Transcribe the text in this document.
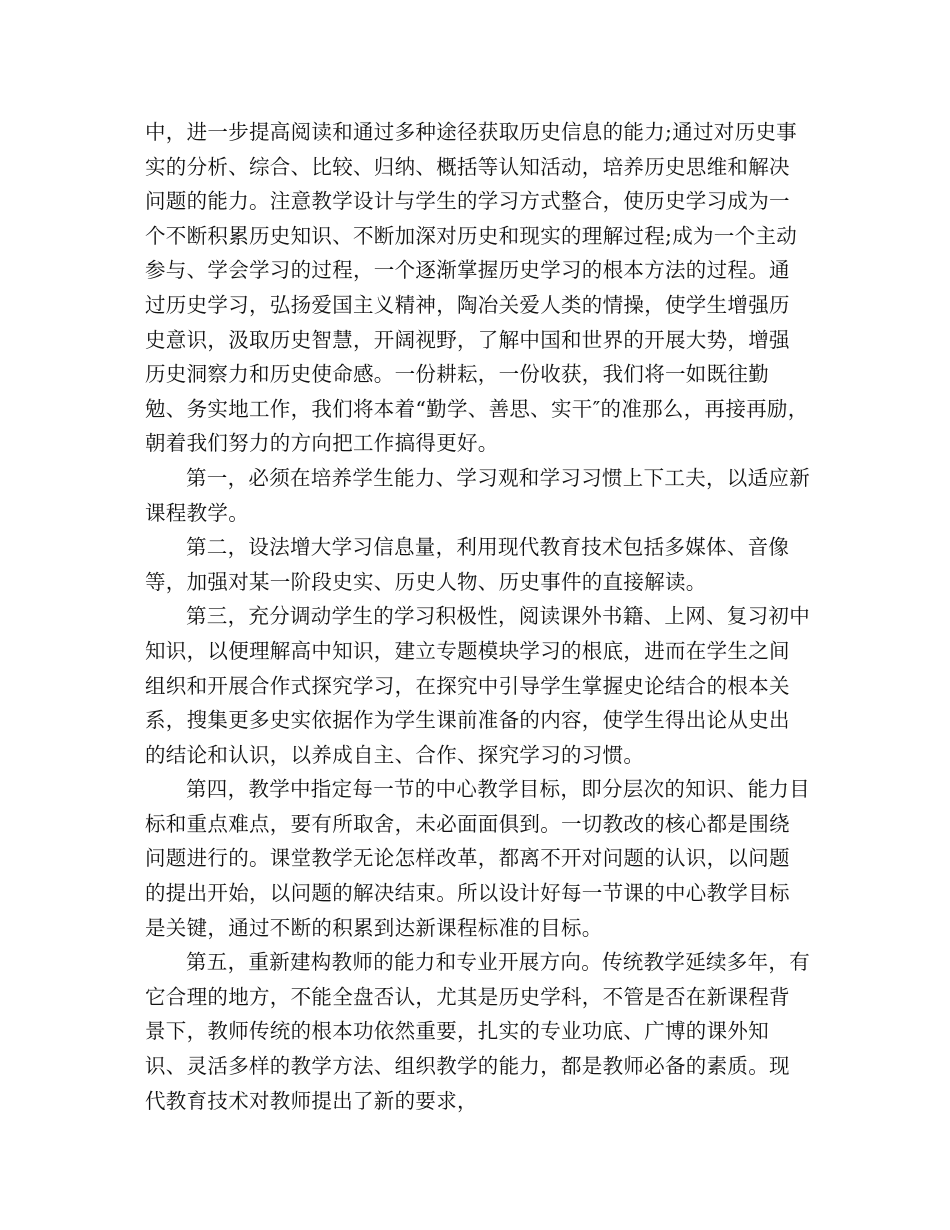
中，进一步提高阅读和通过多种途径获取历史信息的能力;通过对历史事实的分析、综合、比较、归纳、概括等认知活动，培养历史思维和解决问题的能力。注意教学设计与学生的学习方式整合，使历史学习成为一个不断积累历史知识、不断加深对历史和现实的理解过程;成为一个主动参与、学会学习的过程，一个逐渐掌握历史学习的根本方法的过程。通过历史学习，弘扬爱国主义精神，陶冶关爱人类的情操，使学生增强历史意识，汲取历史智慧，开阔视野，了解中国和世界的开展大势，增强历史洞察力和历史使命感。一份耕耘，一份收获，我们将一如既往勤勉、务实地工作，我们将本着“勤学、善思、实干″的准那么，再接再励，朝着我们努力的方向把工作搞得更好。

第一，必须在培养学生能力、学习观和学习习惯上下工夫，以适应新课程教学。

第二，设法增大学习信息量，利用现代教育技术包括多媒体、音像等，加强对某一阶段史实、历史人物、历史事件的直接解读。

第三，充分调动学生的学习积极性，阅读课外书籍、上网、复习初中知识，以便理解高中知识，建立专题模块学习的根底，进而在学生之间组织和开展合作式探究学习，在探究中引导学生掌握史论结合的根本关系，搜集更多史实依据作为学生课前准备的内容，使学生得出论从史出的结论和认识，以养成自主、合作、探究学习的习惯。

第四，教学中指定每一节的中心教学目标，即分层次的知识、能力目标和重点难点，要有所取舍，未必面面俱到。一切教改的核心都是围绕问题进行的。课堂教学无论怎样改革，都离不开对问题的认识，以问题的提出开始，以问题的解决结束。所以设计好每一节课的中心教学目标是关键，通过不断的积累到达新课程标准的目标。

第五，重新建构教师的能力和专业开展方向。传统教学延续多年，有它合理的地方，不能全盘否认，尤其是历史学科，不管是否在新课程背景下，教师传统的根本功依然重要，扎实的专业功底、广博的课外知识、灵活多样的教学方法、组织教学的能力，都是教师必备的素质。现代教育技术对教师提出了新的要求，
